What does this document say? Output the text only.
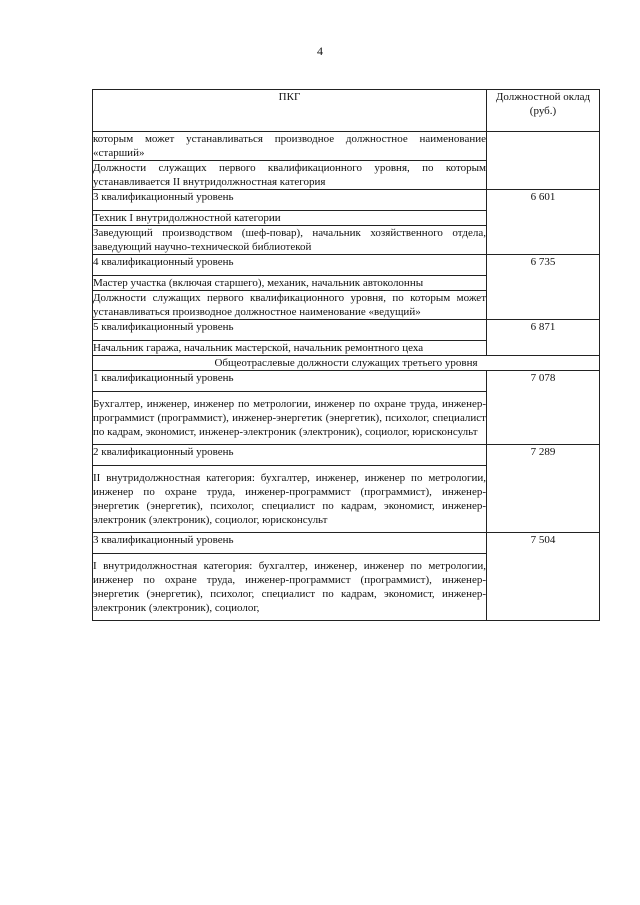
4
ПКГ	Должностной оклад (руб.)
которым может устанавливаться производное должностное наименование «старший»	
Должности служащих первого квалификационного уровня, по которым устанавливается II внутридолжностная категория	
3 квалификационный уровень	6 601
Техник I внутридолжностной категории	
Заведующий производством (шеф-повар), начальник хозяйственного отдела, заведующий научно-технической библиотекой	
4 квалификационный уровень	6 735
Мастер участка (включая старшего), механик, начальник автоколонны	
Должности служащих первого квалификационного уровня, по которым может устанавливаться производное должностное наименование «ведущий»	
5 квалификационный уровень	6 871
Начальник гаража, начальник мастерской, начальник ремонтного цеха	
Общеотраслевые должности служащих третьего уровня	
1 квалификационный уровень	7 078
Бухгалтер, инженер, инженер по метрологии, инженер по охране труда, инженер-программист (программист), инженер-энергетик (энергетик), психолог, специалист по кадрам, экономист, инженер-электроник (электроник), социолог, юрисконсульт	
2 квалификационный уровень	7 289
II внутридолжностная категория: бухгалтер, инженер, инженер по метрологии, инженер по охране труда, инженер-программист (программист), инженер-энергетик (энергетик), психолог, специалист по кадрам, экономист, инженер-электроник (электроник), социолог, юрисконсульт	
3 квалификационный уровень	7 504
I внутридолжностная категория: бухгалтер, инженер, инженер по метрологии, инженер по охране труда, инженер-программист (программист), инженер-энергетик (энергетик), психолог, специалист по кадрам, экономист, инженер-электроник (электроник), социолог,	
